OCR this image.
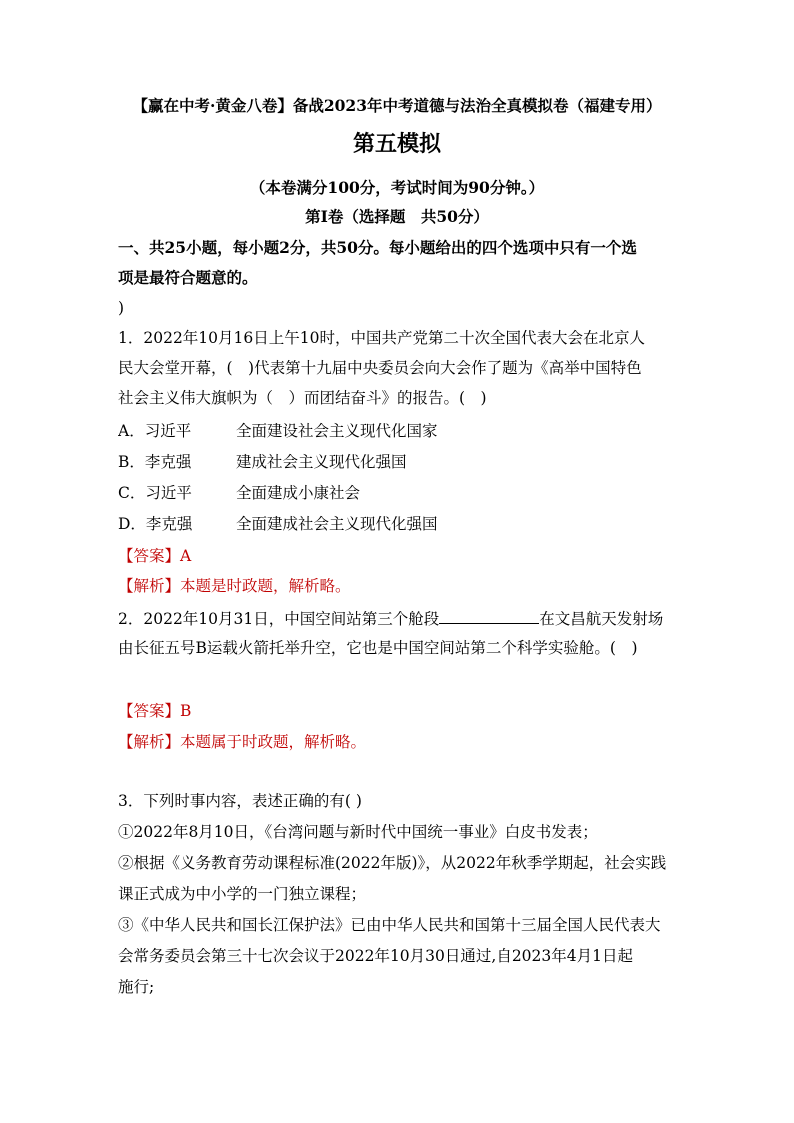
【赢在中考·黄金八卷】备战2023年中考道德与法治全真模拟卷（福建专用）
第五模拟
（本卷满分100分，考试时间为90分钟。）
第I卷（选择题　共50分）
一、共25小题，每小题2分，共50分。每小题给出的四个选项中只有一个选
项是最符合题意的。
)
1．2022年10月16日上午10时，中国共产党第二十次全国代表大会在北京人
民大会堂开幕，(　)代表第十九届中央委员会向大会作了题为《高举中国特色
社会主义伟大旗帜为（　）而团结奋斗》的报告。(　)
A．习近平	全面建设社会主义现代化国家
B．李克强	建成社会主义现代化强国
C．习近平	全面建成小康社会
D．李克强	全面建成社会主义现代化强国
【答案】A
【解析】本题是时政题，解析略。
2．2022年10月31日，中国空间站第三个舱段	在文昌航天发射场
由长征五号B运载火箭托举升空，它也是中国空间站第二个科学实验舱。(　)
【答案】B
【解析】本题属于时政题，解析略。
3．下列时事内容，表述正确的有( )
①2022年8月10日，《台湾问题与新时代中国统一事业》白皮书发表；
②根据《义务教育劳动课程标准(2022年版)》，从2022年秋季学期起，社会实践
课正式成为中小学的一门独立课程；
③《中华人民共和国长江保护法》已由中华人民共和国第十三届全国人民代表大
会常务委员会第三十七次会议于2022年10月30日通过,自2023年4月1日起
施行;
